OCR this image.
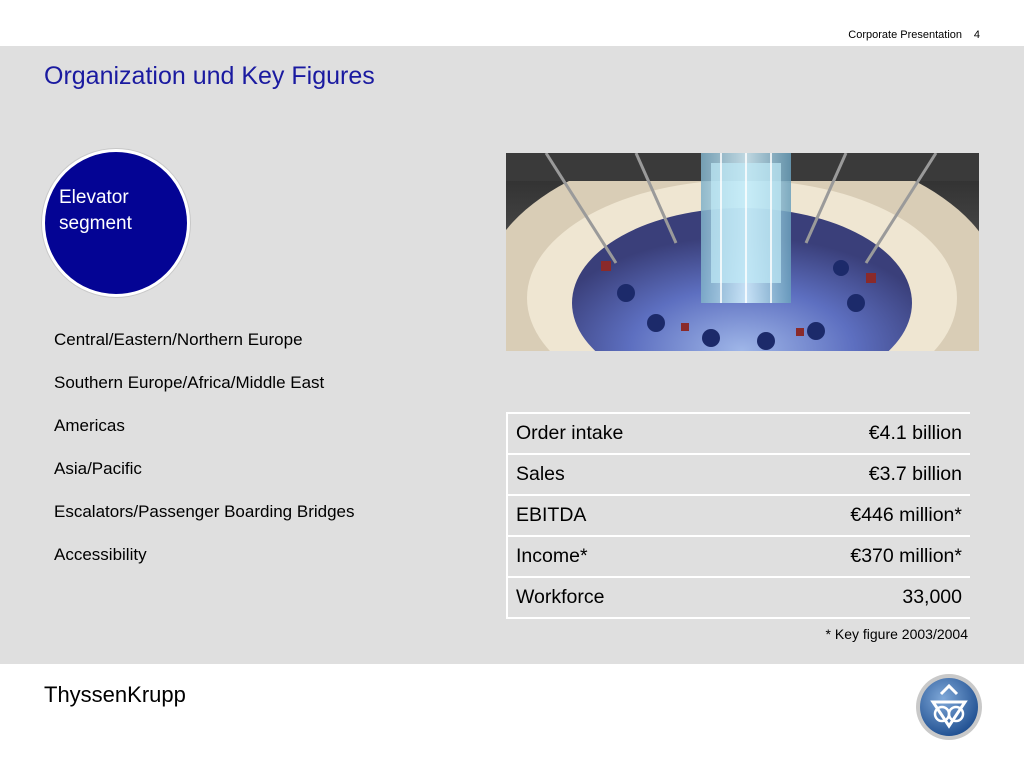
Corporate Presentation 4
Organization und Key Figures
Elevator
segment
Central/Eastern/Northern Europe
Southern Europe/Africa/Middle East
Americas
Asia/Pacific
Escalators/Passenger Boarding Bridges
Accessibility
Order intake	€4.1 billion
Sales	€3.7 billion
EBITDA	€446 million*
Income*	€370 million*
Workforce	33,000
* Key figure 2003/2004
ThyssenKrupp
